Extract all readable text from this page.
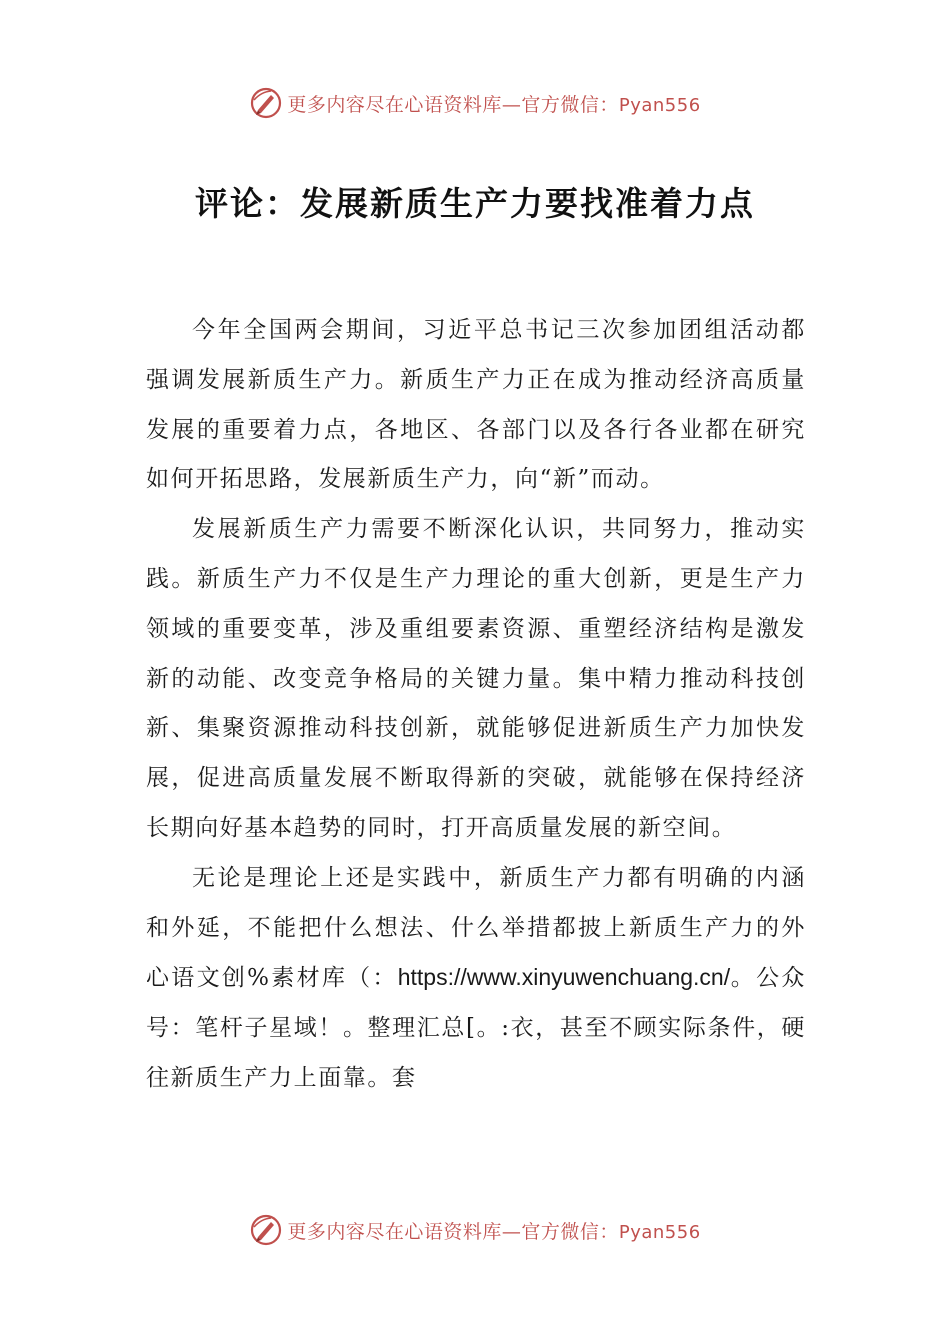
更多内容尽在心语资料库—官方微信：Pyan556
评论：发展新质生产力要找准着力点

今年全国两会期间，习近平总书记三次参加团组活动都强调发展新质生产力。新质生产力正在成为推动经济高质量发展的重要着力点，各地区、各部门以及各行各业都在研究如何开拓思路，发展新质生产力，向“新”而动。

发展新质生产力需要不断深化认识，共同努力，推动实践。新质生产力不仅是生产力理论的重大创新，更是生产力领域的重要变革，涉及重组要素资源、重塑经济结构是激发新的动能、改变竞争格局的关键力量。集中精力推动科技创新、集聚资源推动科技创新，就能够促进新质生产力加快发展，促进高质量发展不断取得新的突破，就能够在保持经济长期向好基本趋势的同时，打开高质量发展的新空间。

无论是理论上还是实践中，新质生产力都有明确的内涵和外延，不能把什么想法、什么举措都披上新质生产力的外心语文创%素材库（：https://www.xinyuwenchuang.cn/。公众号：笔杆子星域！。整理汇总[。:衣，甚至不顾实际条件，硬往新质生产力上面靠。套

更多内容尽在心语资料库—官方微信：Pyan556
